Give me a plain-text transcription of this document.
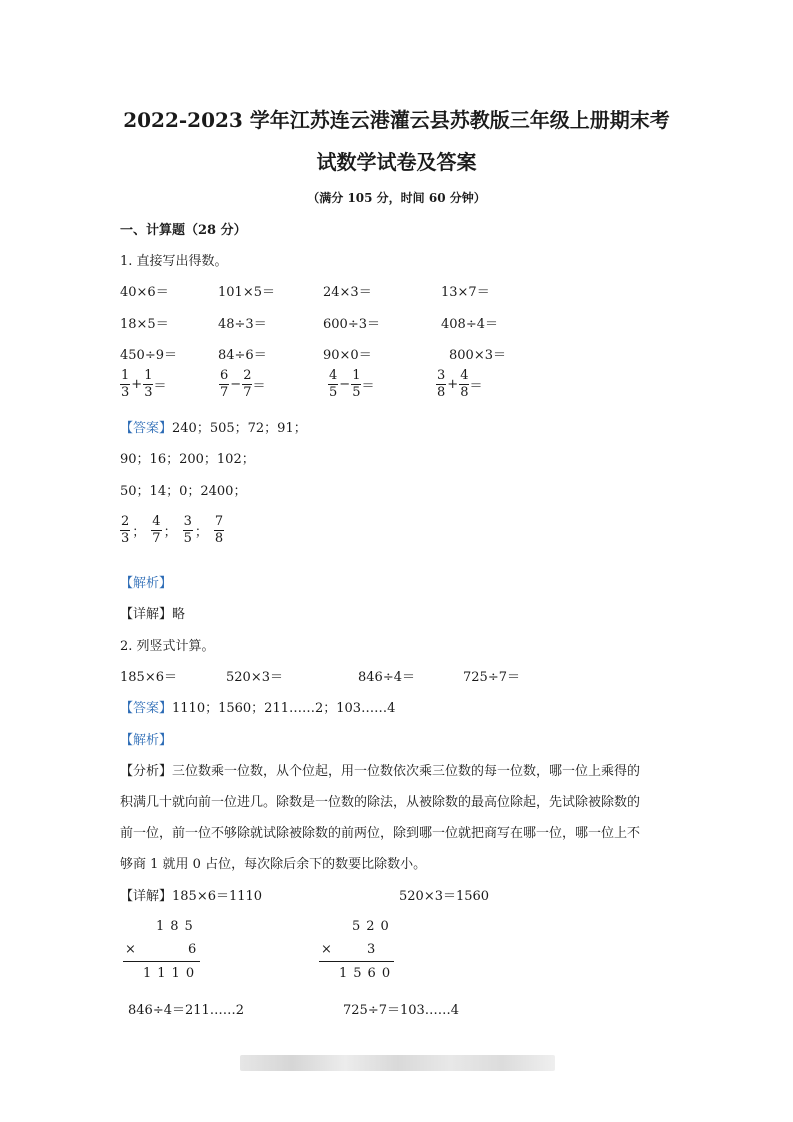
2022-2023 学年江苏连云港灌云县苏教版三年级上册期末考
试数学试卷及答案
（满分 105 分，时间 60 分钟）
一、计算题（28 分）
1. 直接写出得数。
40×6＝	101×5＝	24×3＝	13×7＝
18×5＝	48÷3＝	600÷3＝	408÷4＝
450÷9＝	84÷6＝	90×0＝	800×3＝
$\frac{1}{3} + \frac{1}{3}$ ＝	$\frac{6}{7} - \frac{2}{7}$ ＝	$\frac{4}{5} - \frac{1}{5}$ ＝	$\frac{3}{8} + \frac{4}{8}$ ＝
【答案】240；505；72；91；
90；16；200；102；
50；14；0；2400；
$\frac{2}{3}$ ； $\frac{4}{7}$ ； $\frac{3}{5}$ ； $\frac{7}{8}$
【解析】
【详解】略
2. 列竖式计算。
185×6＝	520×3＝	846÷4＝	725÷7＝
【答案】1110；1560；211……2；103……4
【解析】
【分析】三位数乘一位数，从个位起，用一位数依次乘三位数的每一位数，哪一位上乘得的
积满几十就向前一位进几。除数是一位数的除法，从被除数的最高位除起，先试除被除数的
前一位，前一位不够除就试除被除数的前两位，除到哪一位就把商写在哪一位，哪一位上不
够商 1 就用 0 占位，每次除后余下的数要比除数小。
【详解】185×6＝1110	520×3＝1560
185
×	6
1110
520
×	3
1560
846÷4＝211……2	725÷7＝103……4
